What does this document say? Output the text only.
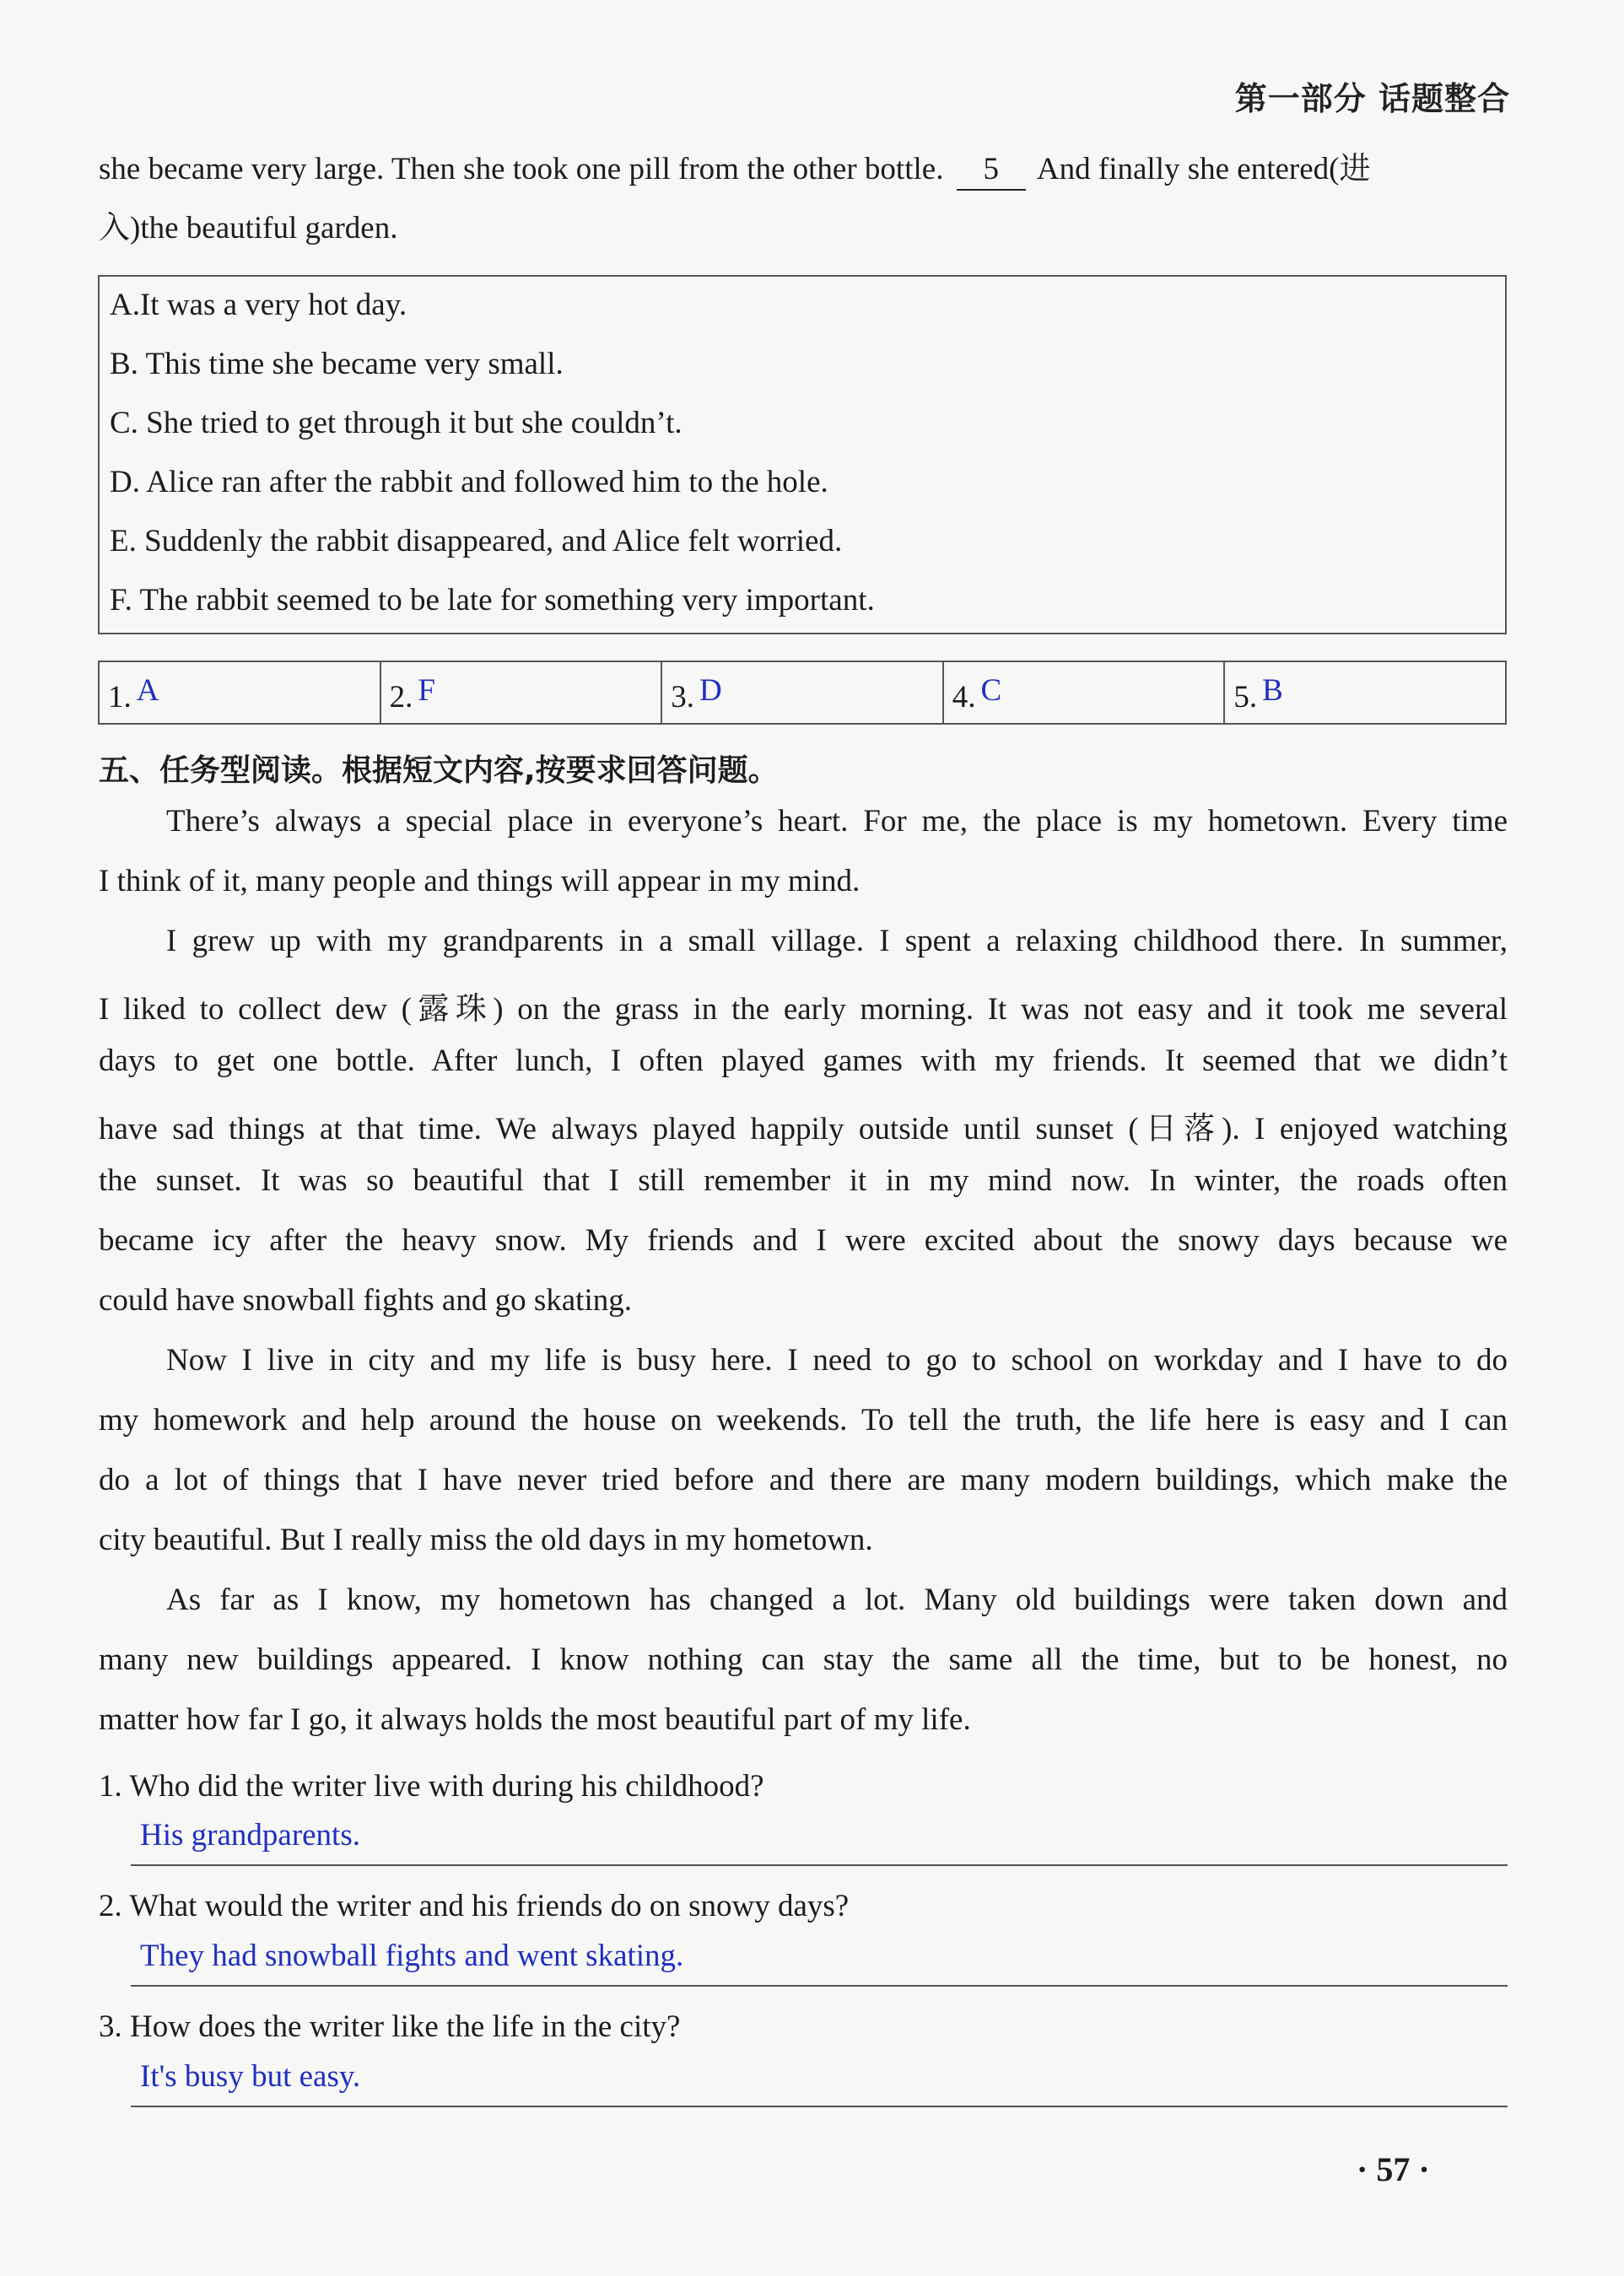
第一部分 话题整合
she became very large. Then she took one pill from the other bottle. 5 And finally she entered(进
入)the beautiful garden.
A.It was a very hot day.
B. This time she became very small.
C. She tried to get through it but she couldn’t.
D. Alice ran after the rabbit and followed him to the hole.
E. Suddenly the rabbit disappeared, and Alice felt worried.
F. The rabbit seemed to be late for something very important.
1. A	2. F	3. D	4. C	5. B
五、任务型阅读。根据短文内容,按要求回答问题。
There’s always a special place in everyone’s heart. For me, the place is my hometown. Every time
I think of it, many people and things will appear in my mind.
I grew up with my grandparents in a small village. I spent a relaxing childhood there. In summer,
I liked to collect dew (露珠) on the grass in the early morning. It was not easy and it took me several
days to get one bottle. After lunch, I often played games with my friends. It seemed that we didn’t
have sad things at that time. We always played happily outside until sunset (日落). I enjoyed watching
the sunset. It was so beautiful that I still remember it in my mind now. In winter, the roads often
became icy after the heavy snow. My friends and I were excited about the snowy days because we
could have snowball fights and go skating.
Now I live in city and my life is busy here. I need to go to school on workday and I have to do
my homework and help around the house on weekends. To tell the truth, the life here is easy and I can
do a lot of things that I have never tried before and there are many modern buildings, which make the
city beautiful. But I really miss the old days in my hometown.
As far as I know, my hometown has changed a lot. Many old buildings were taken down and
many new buildings appeared. I know nothing can stay the same all the time, but to be honest, no
matter how far I go, it always holds the most beautiful part of my life.
1. Who did the writer live with during his childhood?
His grandparents.
2. What would the writer and his friends do on snowy days?
They had snowball fights and went skating.
3. How does the writer like the life in the city?
It's busy but easy.
· 57 ·
